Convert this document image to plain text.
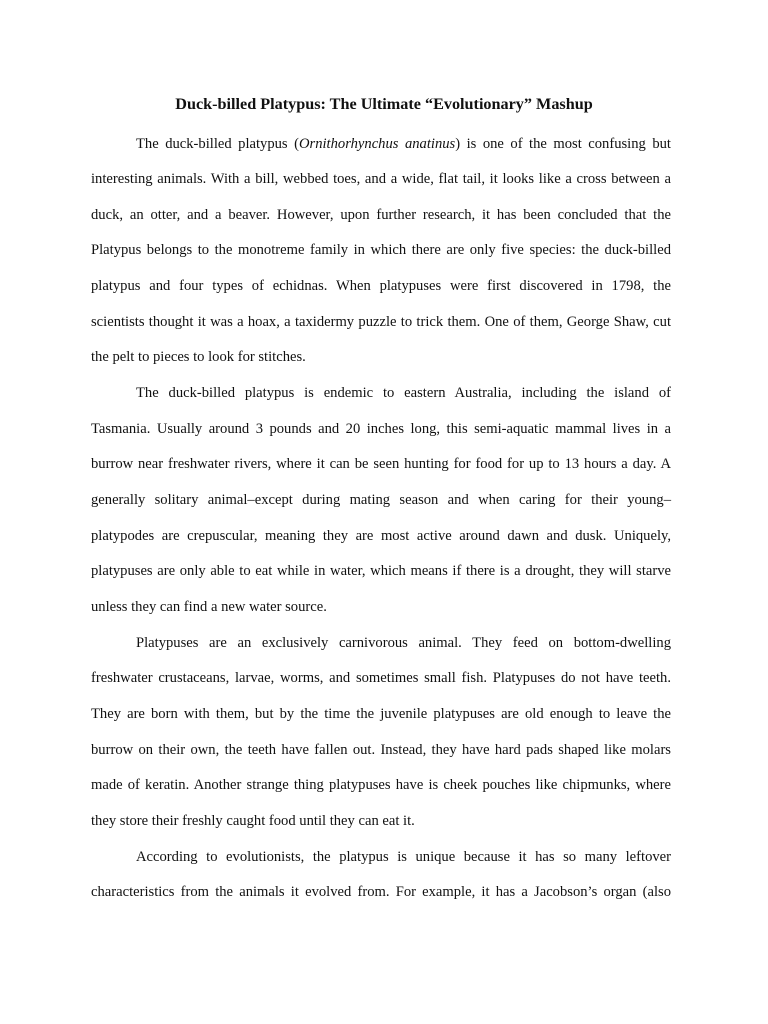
Duck-billed Platypus: The Ultimate “Evolutionary” Mashup

The duck-billed platypus (Ornithorhynchus anatinus) is one of the most confusing but

interesting animals. With a bill, webbed toes, and a wide, flat tail, it looks like a cross between a

duck, an otter, and a beaver. However, upon further research, it has been concluded that the

Platypus belongs to the monotreme family in which there are only five species: the duck-billed

platypus and four types of echidnas. When platypuses were first discovered in 1798, the

scientists thought it was a hoax, a taxidermy puzzle to trick them. One of them, George Shaw, cut

the pelt to pieces to look for stitches.

The duck-billed platypus is endemic to eastern Australia, including the island of

Tasmania. Usually around 3 pounds and 20 inches long, this semi-aquatic mammal lives in a

burrow near freshwater rivers, where it can be seen hunting for food for up to 13 hours a day. A

generally solitary animal–except during mating season and when caring for their young–

platypodes are crepuscular, meaning they are most active around dawn and dusk. Uniquely,

platypuses are only able to eat while in water, which means if there is a drought, they will starve

unless they can find a new water source.

Platypuses are an exclusively carnivorous animal. They feed on bottom-dwelling

freshwater crustaceans, larvae, worms, and sometimes small fish. Platypuses do not have teeth.

They are born with them, but by the time the juvenile platypuses are old enough to leave the

burrow on their own, the teeth have fallen out. Instead, they have hard pads shaped like molars

made of keratin. Another strange thing platypuses have is cheek pouches like chipmunks, where

they store their freshly caught food until they can eat it.

According to evolutionists, the platypus is unique because it has so many leftover

characteristics from the animals it evolved from. For example, it has a Jacobson’s organ (also
